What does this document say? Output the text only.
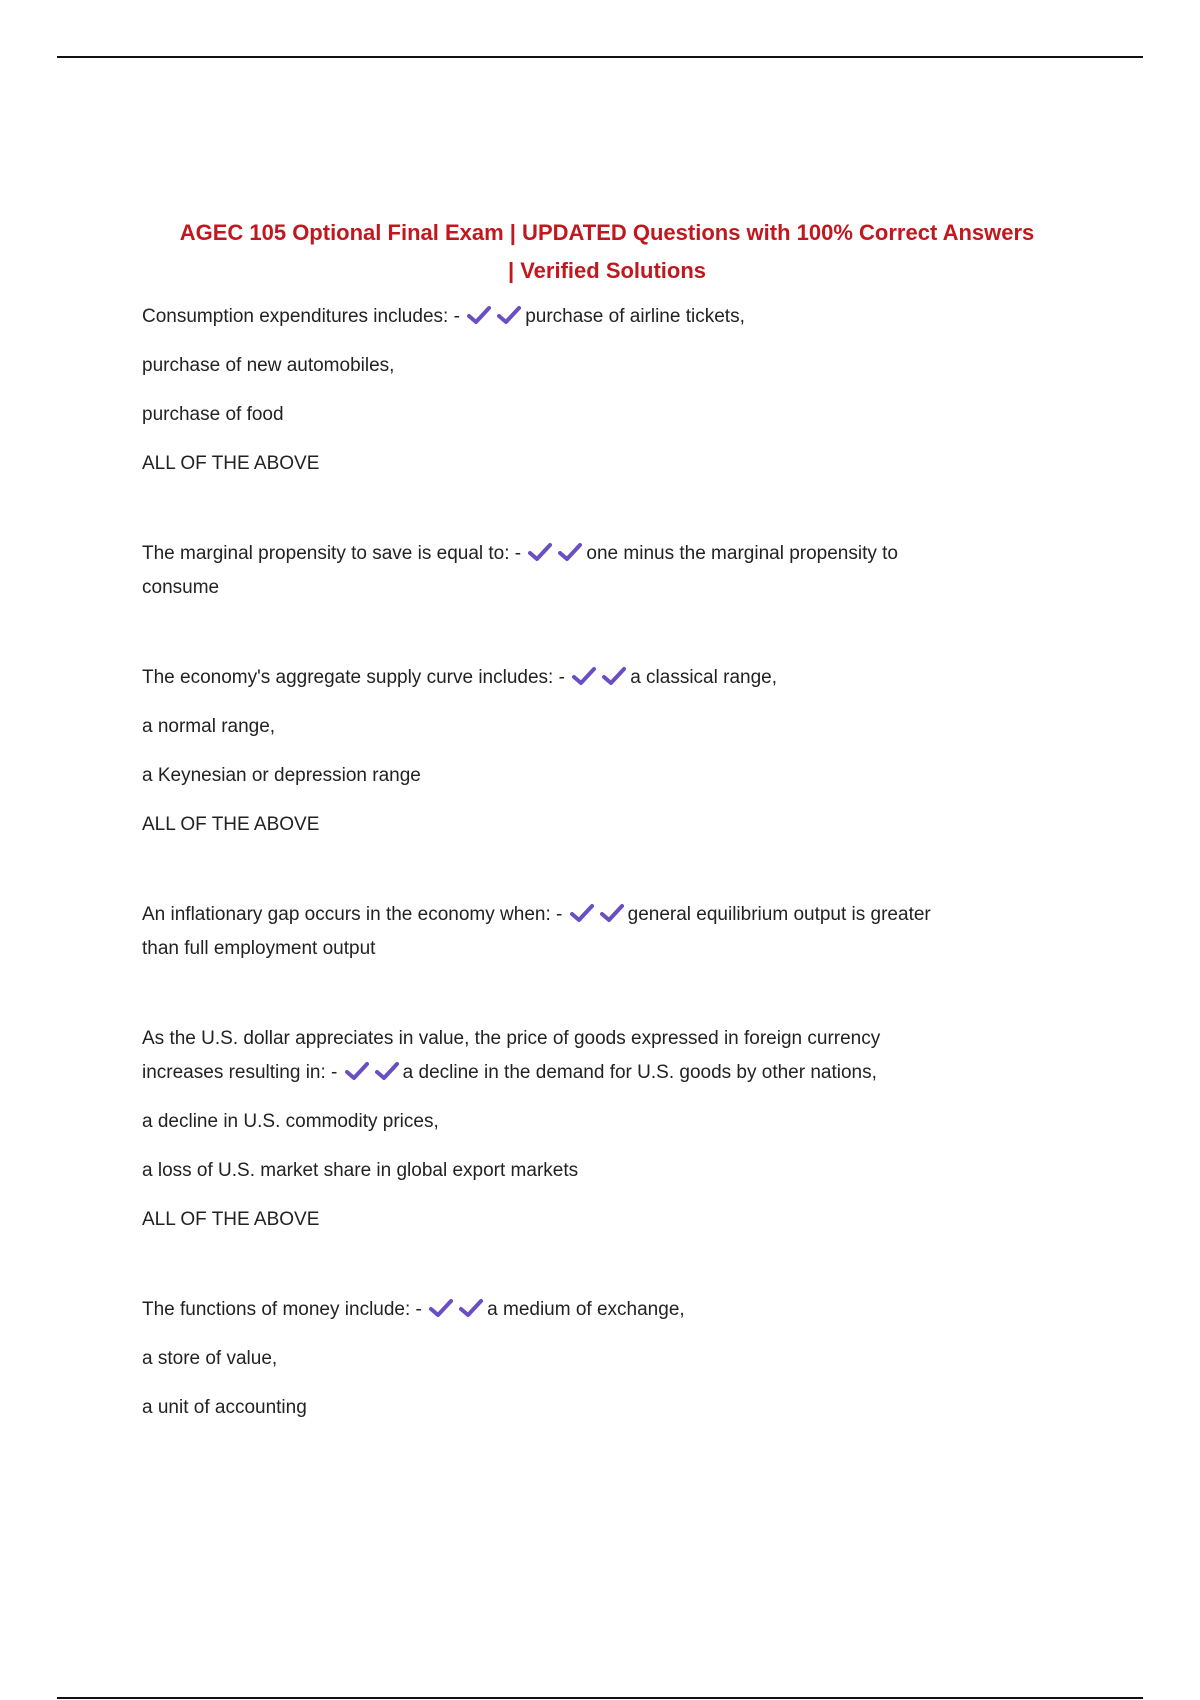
AGEC 105 Optional Final Exam | UPDATED Questions with 100% Correct Answers
| Verified Solutions

Consumption expenditures includes: -	purchase of airline tickets,

purchase of new automobiles,

purchase of food

ALL OF THE ABOVE

The marginal propensity to save is equal to: -	one minus the marginal propensity to

consume

The economy's aggregate supply curve includes: -	a classical range,

a normal range,

a Keynesian or depression range

ALL OF THE ABOVE

An inflationary gap occurs in the economy when: -	general equilibrium output is greater

than full employment output

As the U.S. dollar appreciates in value, the price of goods expressed in foreign currency

increases resulting in: -	a decline in the demand for U.S. goods by other nations,

a decline in U.S. commodity prices,

a loss of U.S. market share in global export markets

ALL OF THE ABOVE

The functions of money include: -	a medium of exchange,

a store of value,

a unit of accounting
